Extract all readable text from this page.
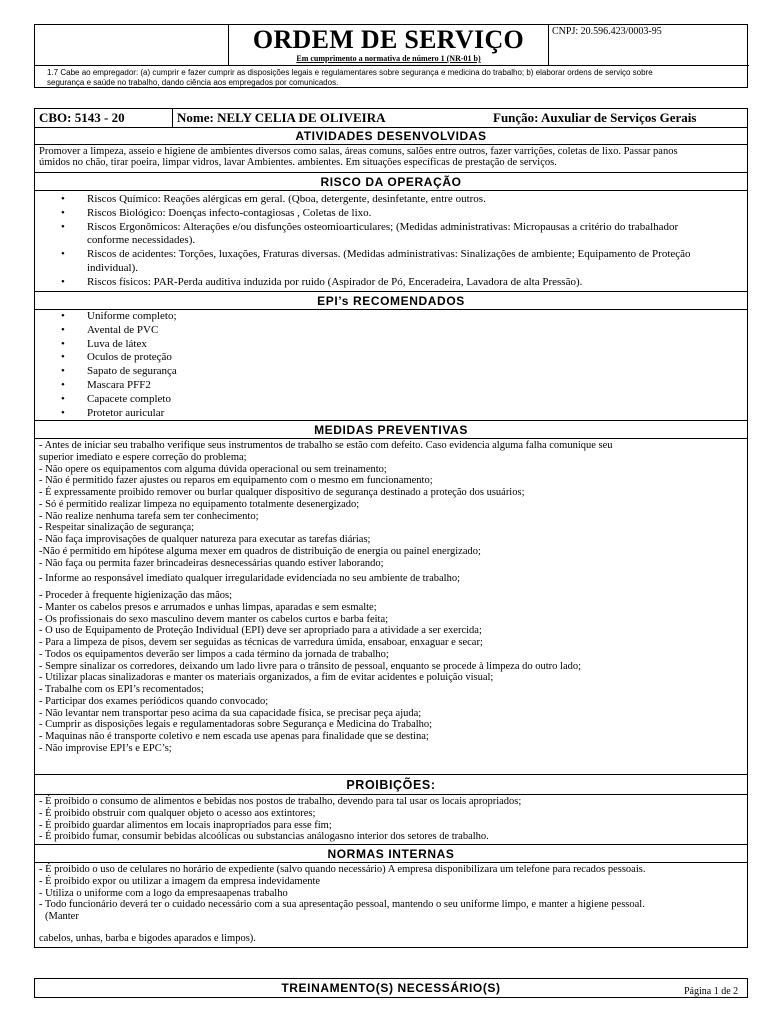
ORDEM DE SERVIÇO
Em cumprimento a normativa de número 1 (NR-01 b)
CNPJ: 20.596.423/0003-95
1.7 Cabe ao empregador: (a) cumprir e fazer cumprir as disposições legais e regulamentares sobre segurança e medicina do trabalho; b) elaborar ordens de serviço sobre
segurança e saúde no trabalho, dando ciência aos empregados por comunicados.
CBO: 5143 - 20	Nome: NELY CELIA DE OLIVEIRA	Função: Auxuliar de Serviços Gerais
ATIVIDADES DESENVOLVIDAS
Promover a limpeza, asseio e higiene de ambientes diversos como salas, áreas comuns, salões entre outros, fazer varrições, coletas de lixo. Passar panos
úmidos no chão, tirar poeira, limpar vidros, lavar Ambientes. ambientes. Em situações específicas de prestação de serviços.
RISCO DA OPERAÇÃO
• Riscos Químico: Reações alérgicas em geral. (Qboa, detergente, desinfetante, entre outros.
• Riscos Biológico: Doenças infecto-contagiosas , Coletas de lixo.
• Riscos Ergonômicos: Alterações e/ou disfunções osteomioarticulares; (Medidas administrativas: Micropausas a critério do trabalhador conforme necessidades).
• Riscos de acidentes: Torções, luxações, Fraturas diversas. (Medidas administrativas: Sinalizações de ambiente; Equipamento de Proteção individual).
• Riscos físicos: PAR-Perda auditiva induzida por ruido (Aspirador de Pó, Enceradeira, Lavadora de alta Pressão).
EPI’s RECOMENDADOS
• Uniforme completo;
• Avental de PVC
• Luva de látex
• Oculos de proteção
• Sapato de segurança
• Mascara PFF2
• Capacete completo
• Protetor auricular
MEDIDAS PREVENTIVAS
- Antes de iniciar seu trabalho verifique seus instrumentos de trabalho se estão com defeito. Caso evidencia alguma falha comunique seu
superior imediato e espere correção do problema;
- Não opere os equipamentos com alguma dúvida operacional ou sem treinamento;
- Não é permitido fazer ajustes ou reparos em equipamento com o mesmo em funcionamento;
- É expressamente proibido remover ou burlar qualquer dispositivo de segurança destinado a proteção dos usuários;
- Só é permitido realizar limpeza no equipamento totalmente desenergizado;
- Não realize nenhuma tarefa sem ter conhecimento;
- Respeitar sinalização de segurança;
- Não faça improvisações de qualquer natureza para executar as tarefas diárias;
-Não é permitido em hipótese alguma mexer em quadros de distribuição de energia ou painel energizado;
- Não faça ou permita fazer brincadeiras desnecessárias quando estiver laborando;
- Informe ao responsável imediato qualquer irregularidade evidenciada no seu ambiente de trabalho;
- Proceder à frequente higienização das mãos;
- Manter os cabelos presos e arrumados e unhas limpas, aparadas e sem esmalte;
- Os profissionais do sexo masculino devem manter os cabelos curtos e barba feita;
- O uso de Equipamento de Proteção Individual (EPI) deve ser apropriado para a atividade a ser exercida;
- Para a limpeza de pisos, devem ser seguidas as técnicas de varredura úmida, ensaboar, enxaguar e secar;
- Todos os equipamentos deverão ser limpos a cada término da jornada de trabalho;
- Sempre sinalizar os corredores, deixando um lado livre para o trânsito de pessoal, enquanto se procede à limpeza do outro lado;
- Utilizar placas sinalizadoras e manter os materiais organizados, a fim de evitar acidentes e poluição visual;
- Trabalhe com os EPI’s recomentados;
- Participar dos exames periódicos quando convocado;
- Não levantar nem transportar peso acima da sua capacidade física, se precisar peça ajuda;
- Cumprir as disposições legais e regulamentadoras sobre Segurança e Medicina do Trabalho;
- Maquinas não é transporte coletivo e nem escada use apenas para finalidade que se destina;
- Não improvise EPI’s e EPC’s;
PROIBIÇÕES:
- É proibido o consumo de alimentos e bebidas nos postos de trabalho, devendo para tal usar os locais apropriados;
- É proibido obstruir com qualquer objeto o acesso aos extintores;
- É proibido guardar alimentos em locais inapropriados para esse fim;
- É proibido fumar, consumir bebidas alcoólicas ou substancias análogasno interior dos setores de trabalho.
NORMAS INTERNAS
- É proibido o uso de celulares no horário de expediente (salvo quando necessário) A empresa disponibilizara um telefone para recados pessoais.
- É proibido expor ou utilizar a imagem da empresa indevidamente
- Utiliza o uniforme com a logo da empresaapenas trabalho
- Todo funcionário deverá ter o cuidado necessário com a sua apresentação pessoal, mantendo o seu uniforme limpo, e manter a higiene pessoal.
(Manter
cabelos, unhas, barba e bigodes aparados e limpos).
TREINAMENTO(S) NECESSÁRIO(S)	Página 1 de 2
